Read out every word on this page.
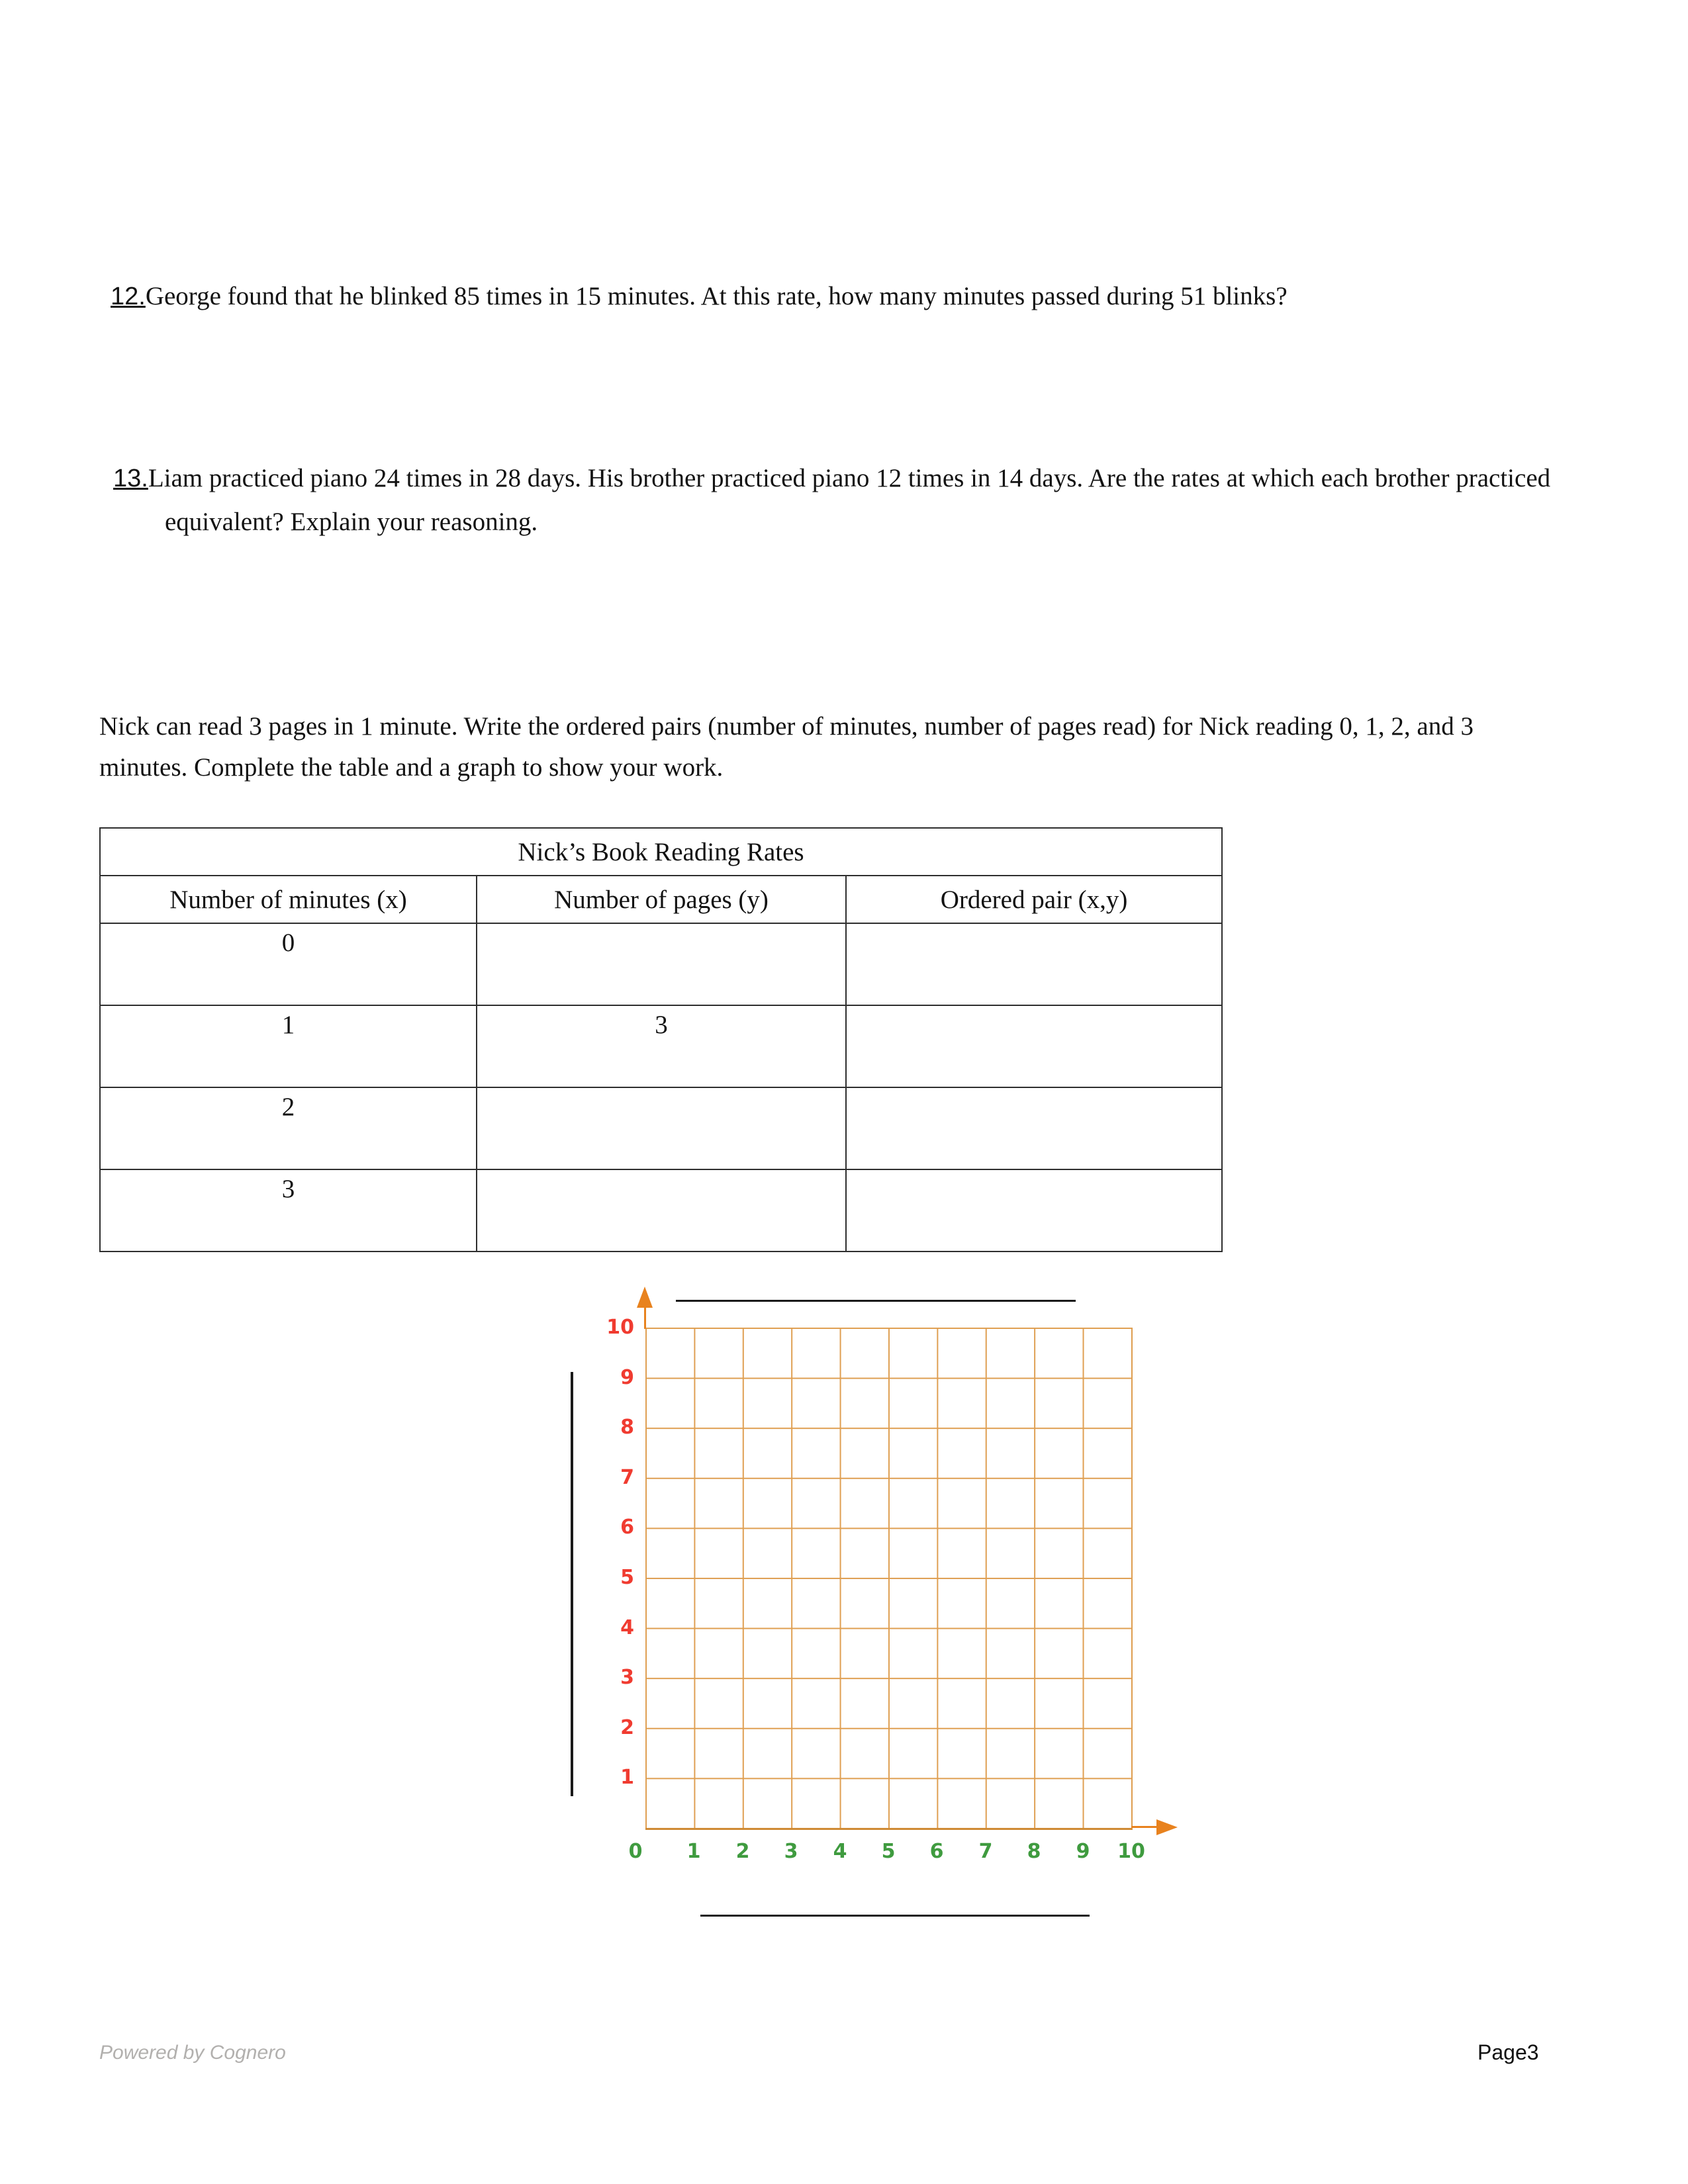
12.George found that he blinked 85 times in 15 minutes. At this rate, how many minutes passed during 51 blinks?
13.Liam practiced piano 24 times in 28 days. His brother practiced piano 12 times in 14 days. Are the rates at which each brother practiced equivalent? Explain your reasoning.
Nick can read 3 pages in 1 minute. Write the ordered pairs (number of minutes, number of pages read) for Nick reading 0, 1, 2, and 3 minutes. Complete the table and a graph to show your work.
Nick’s Book Reading Rates		
Number of minutes (x)	Number of pages (y)	Ordered pair (x,y)
0		
1	3	
2		
3		
10
9
8
7
6
5
4
3
2
1
0	1	2	3	4	5	6	7	8	9	10
Powered by Cognero	Page3
